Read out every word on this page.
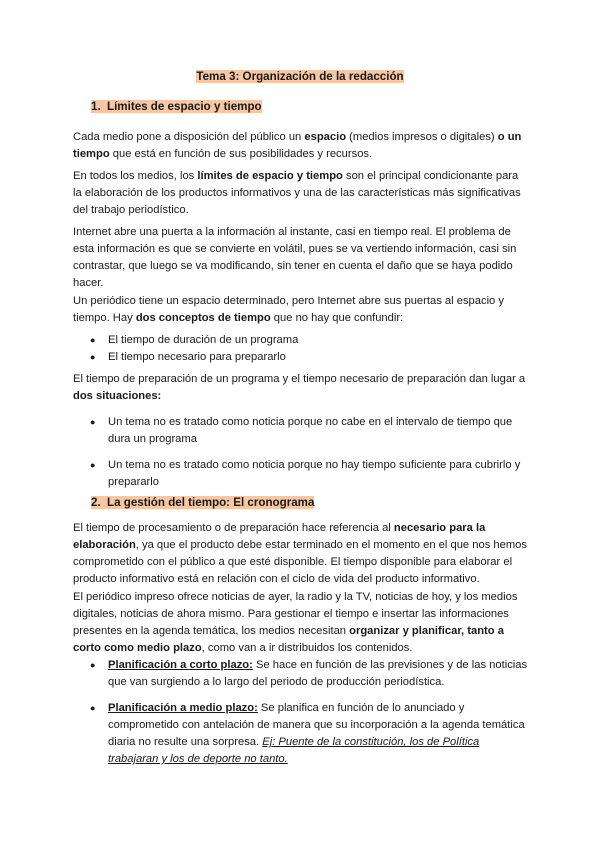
Tema 3: Organización de la redacción
1. Límites de espacio y tiempo

Cada medio pone a disposición del público un espacio (medios impresos o digitales) o un tiempo que está en función de sus posibilidades y recursos.

En todos los medios, los límites de espacio y tiempo son el principal condicionante para la elaboración de los productos informativos y una de las características más significativas del trabajo periodístico.

Internet abre una puerta a la información al instante, casi en tiempo real. El problema de esta información es que se convierte en volátil, pues se va vertiendo información, casi sin contrastar, que luego se va modificando, sin tener en cuenta el daño que se haya podido hacer.

Un periódico tiene un espacio determinado, pero Internet abre sus puertas al espacio y tiempo. Hay dos conceptos de tiempo que no hay que confundir:

● El tiempo de duración de un programa
● El tiempo necesario para prepararlo

El tiempo de preparación de un programa y el tiempo necesario de preparación dan lugar a dos situaciones:

● Un tema no es tratado como noticia porque no cabe en el intervalo de tiempo que dura un programa
● Un tema no es tratado como noticia porque no hay tiempo suficiente para cubrirlo y prepararlo
2. La gestión del tiempo: El cronograma

El tiempo de procesamiento o de preparación hace referencia al necesario para la elaboración, ya que el producto debe estar terminado en el momento en el que nos hemos comprometido con el público a que esté disponible. El tiempo disponible para elaborar el producto informativo está en relación con el ciclo de vida del producto informativo.

El periódico impreso ofrece noticias de ayer, la radio y la TV, noticias de hoy, y los medios digitales, noticias de ahora mismo. Para gestionar el tiempo e insertar las informaciones presentes en la agenda temática, los medios necesitan organizar y planificar, tanto a corto como medio plazo, como van a ir distribuidos los contenidos.

● Planificación a corto plazo: Se hace en función de las previsiones y de las noticias que van surgiendo a lo largo del periodo de producción periodística.
● Planificación a medio plazo: Se planifica en función de lo anunciado y comprometido con antelación de manera que su incorporación a la agenda temática diaria no resulte una sorpresa. Ej: Puente de la constitución, los de Política trabajaran y los de deporte no tanto.
